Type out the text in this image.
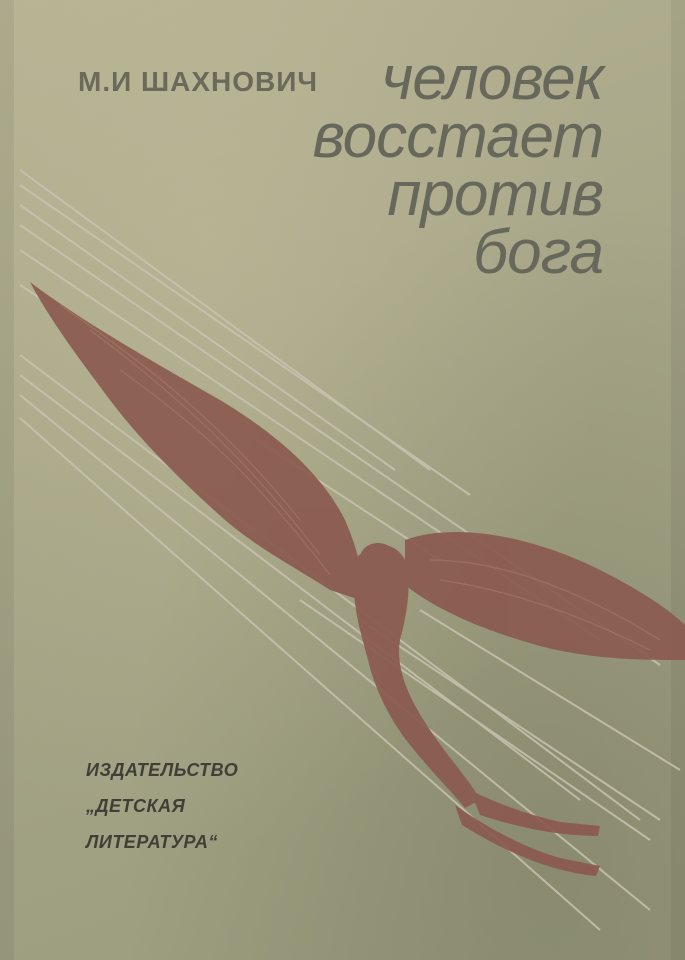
М.И ШАХНОВИЧ	человек
восстает
против
бога
ИЗДАТЕЛЬСТВО
„ДЕТСКАЯ
ЛИТЕРАТУРА“
